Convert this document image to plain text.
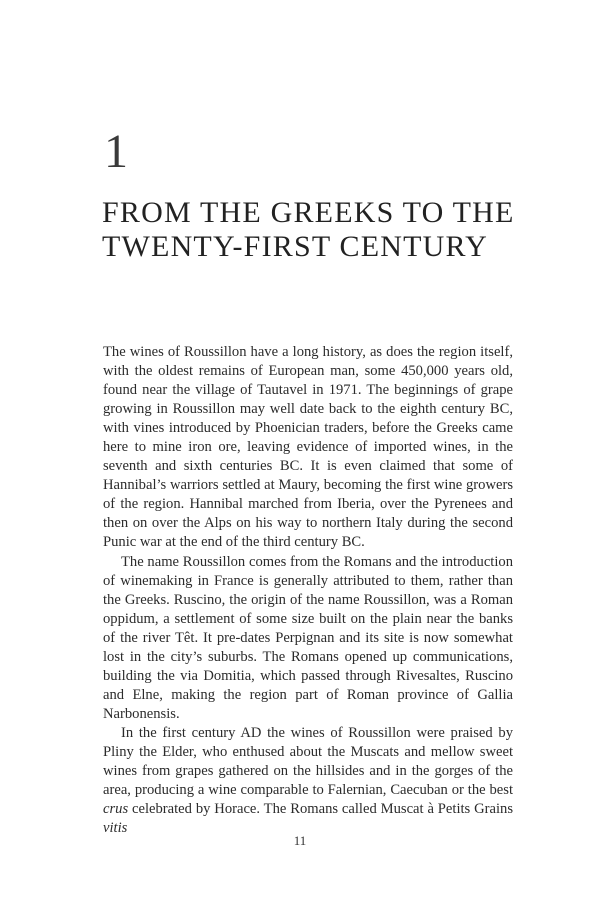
1
FROM THE GREEKS TO THE
TWENTY-FIRST CENTURY

The wines of Roussillon have a long history, as does the region itself, with the oldest remains of European man, some 450,000 years old, found near the village of Tautavel in 1971. The beginnings of grape growing in Roussillon may well date back to the eighth century BC, with vines introduced by Phoenician traders, before the Greeks came here to mine iron ore, leaving evidence of imported wines, in the seventh and sixth centuries BC. It is even claimed that some of Hannibal’s warriors settled at Maury, becoming the first wine growers of the region. Hannibal marched from Iberia, over the Pyrenees and then on over the Alps on his way to northern Italy during the second Punic war at the end of the third century BC.

The name Roussillon comes from the Romans and the introduction of winemaking in France is generally attributed to them, rather than the Greeks. Ruscino, the origin of the name Roussillon, was a Roman oppidum, a settlement of some size built on the plain near the banks of the river Têt. It pre-dates Perpignan and its site is now somewhat lost in the city’s suburbs. The Romans opened up communications, building the via Domitia, which passed through Rivesaltes, Ruscino and Elne, making the region part of Roman province of Gallia Narbonensis.

In the first century AD the wines of Roussillon were praised by Pliny the Elder, who enthused about the Muscats and mellow sweet wines from grapes gathered on the hillsides and in the gorges of the area, producing a wine comparable to Falernian, Caecuban or the best crus celebrated by Horace. The Romans called Muscat à Petits Grains vitis

11
